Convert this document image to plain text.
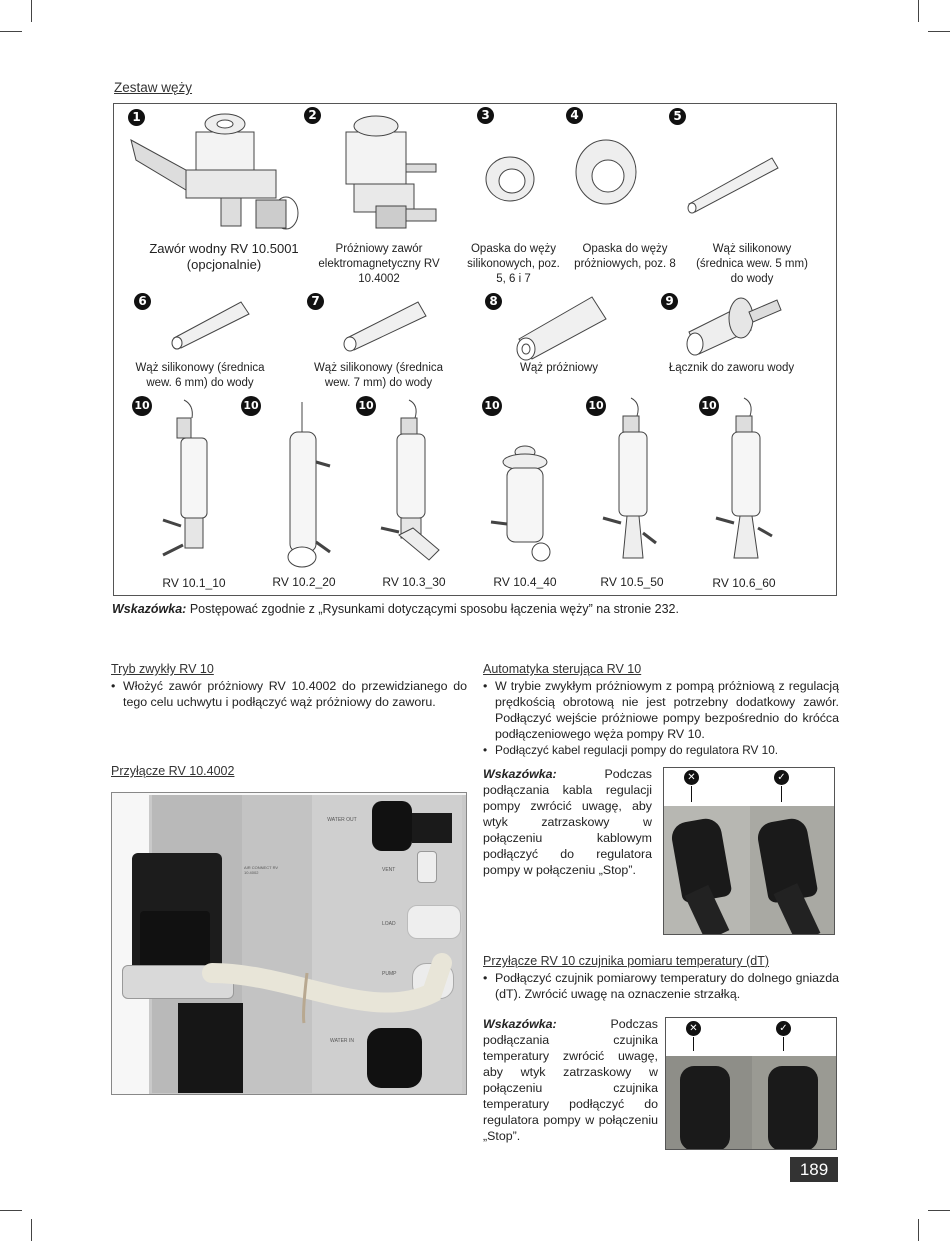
Zestaw węży
1	2	3	4	5
Zawór wodny RV 10.5001
(opcjonalnie)
Próżniowy zawór elektromagnetyczny RV 10.4002
Opaska do węży silikonowych, poz. 5, 6 i 7
Opaska do węży próżniowych, poz. 8
Wąż silikonowy (średnica wew. 5 mm) do wody
6	7	8	9
Wąż silikonowy (średnica wew. 6 mm) do wody
Wąż silikonowy (średnica wew. 7 mm) do wody
Wąż próżniowy	Łącznik do zaworu wody
10	10	10	10	10	10
RV 10.1_10	RV 10.2_20	RV 10.3_30	RV 10.4_40	RV 10.5_50	RV 10.6_60
Wskazówka: Postępować zgodnie z „Rysunkami dotyczącymi sposobu łączenia węży” na stronie 232.
Tryb zwykły RV 10
• Włożyć zawór próżniowy RV 10.4002 do przewidzianego do tego celu uchwytu i podłączyć wąż próżniowy do zaworu.
Przyłącze RV 10.4002
WATER OUT
VENT
LOAD
PUMP
WATER IN
AIR CONNECT RV 10.4002
Automatyka sterująca RV 10
• W trybie zwykłym próżniowym z pompą próżniową z regulacją prędkością obrotową nie jest potrzebny dodatkowy zawór. Podłączyć wejście próżniowe pompy bezpośrednio do króćca podłączeniowego węża pompy RV 10.
• Podłączyć kabel regulacji pompy do regulatora RV 10.
Wskazówka:	Podczas podłączania kabla regulacji pompy zwrócić uwagę, aby wtyk zatrzaskowy w połączeniu kablowym podłączyć do regulatora pompy w połączeniu „Stop”.
✕	✓
Przyłącze RV 10 czujnika pomiaru temperatury (dT)
• Podłączyć czujnik pomiarowy temperatury do dolnego gniazda (dT). Zwrócić uwagę na oznaczenie strzałką.
Wskazówka:	Podczas podłączania czujnika temperatury zwrócić uwagę, aby wtyk zatrzaskowy w połączeniu czujnika temperatury podłączyć do regulatora pompy w połączeniu „Stop”.
✕	✓
189
